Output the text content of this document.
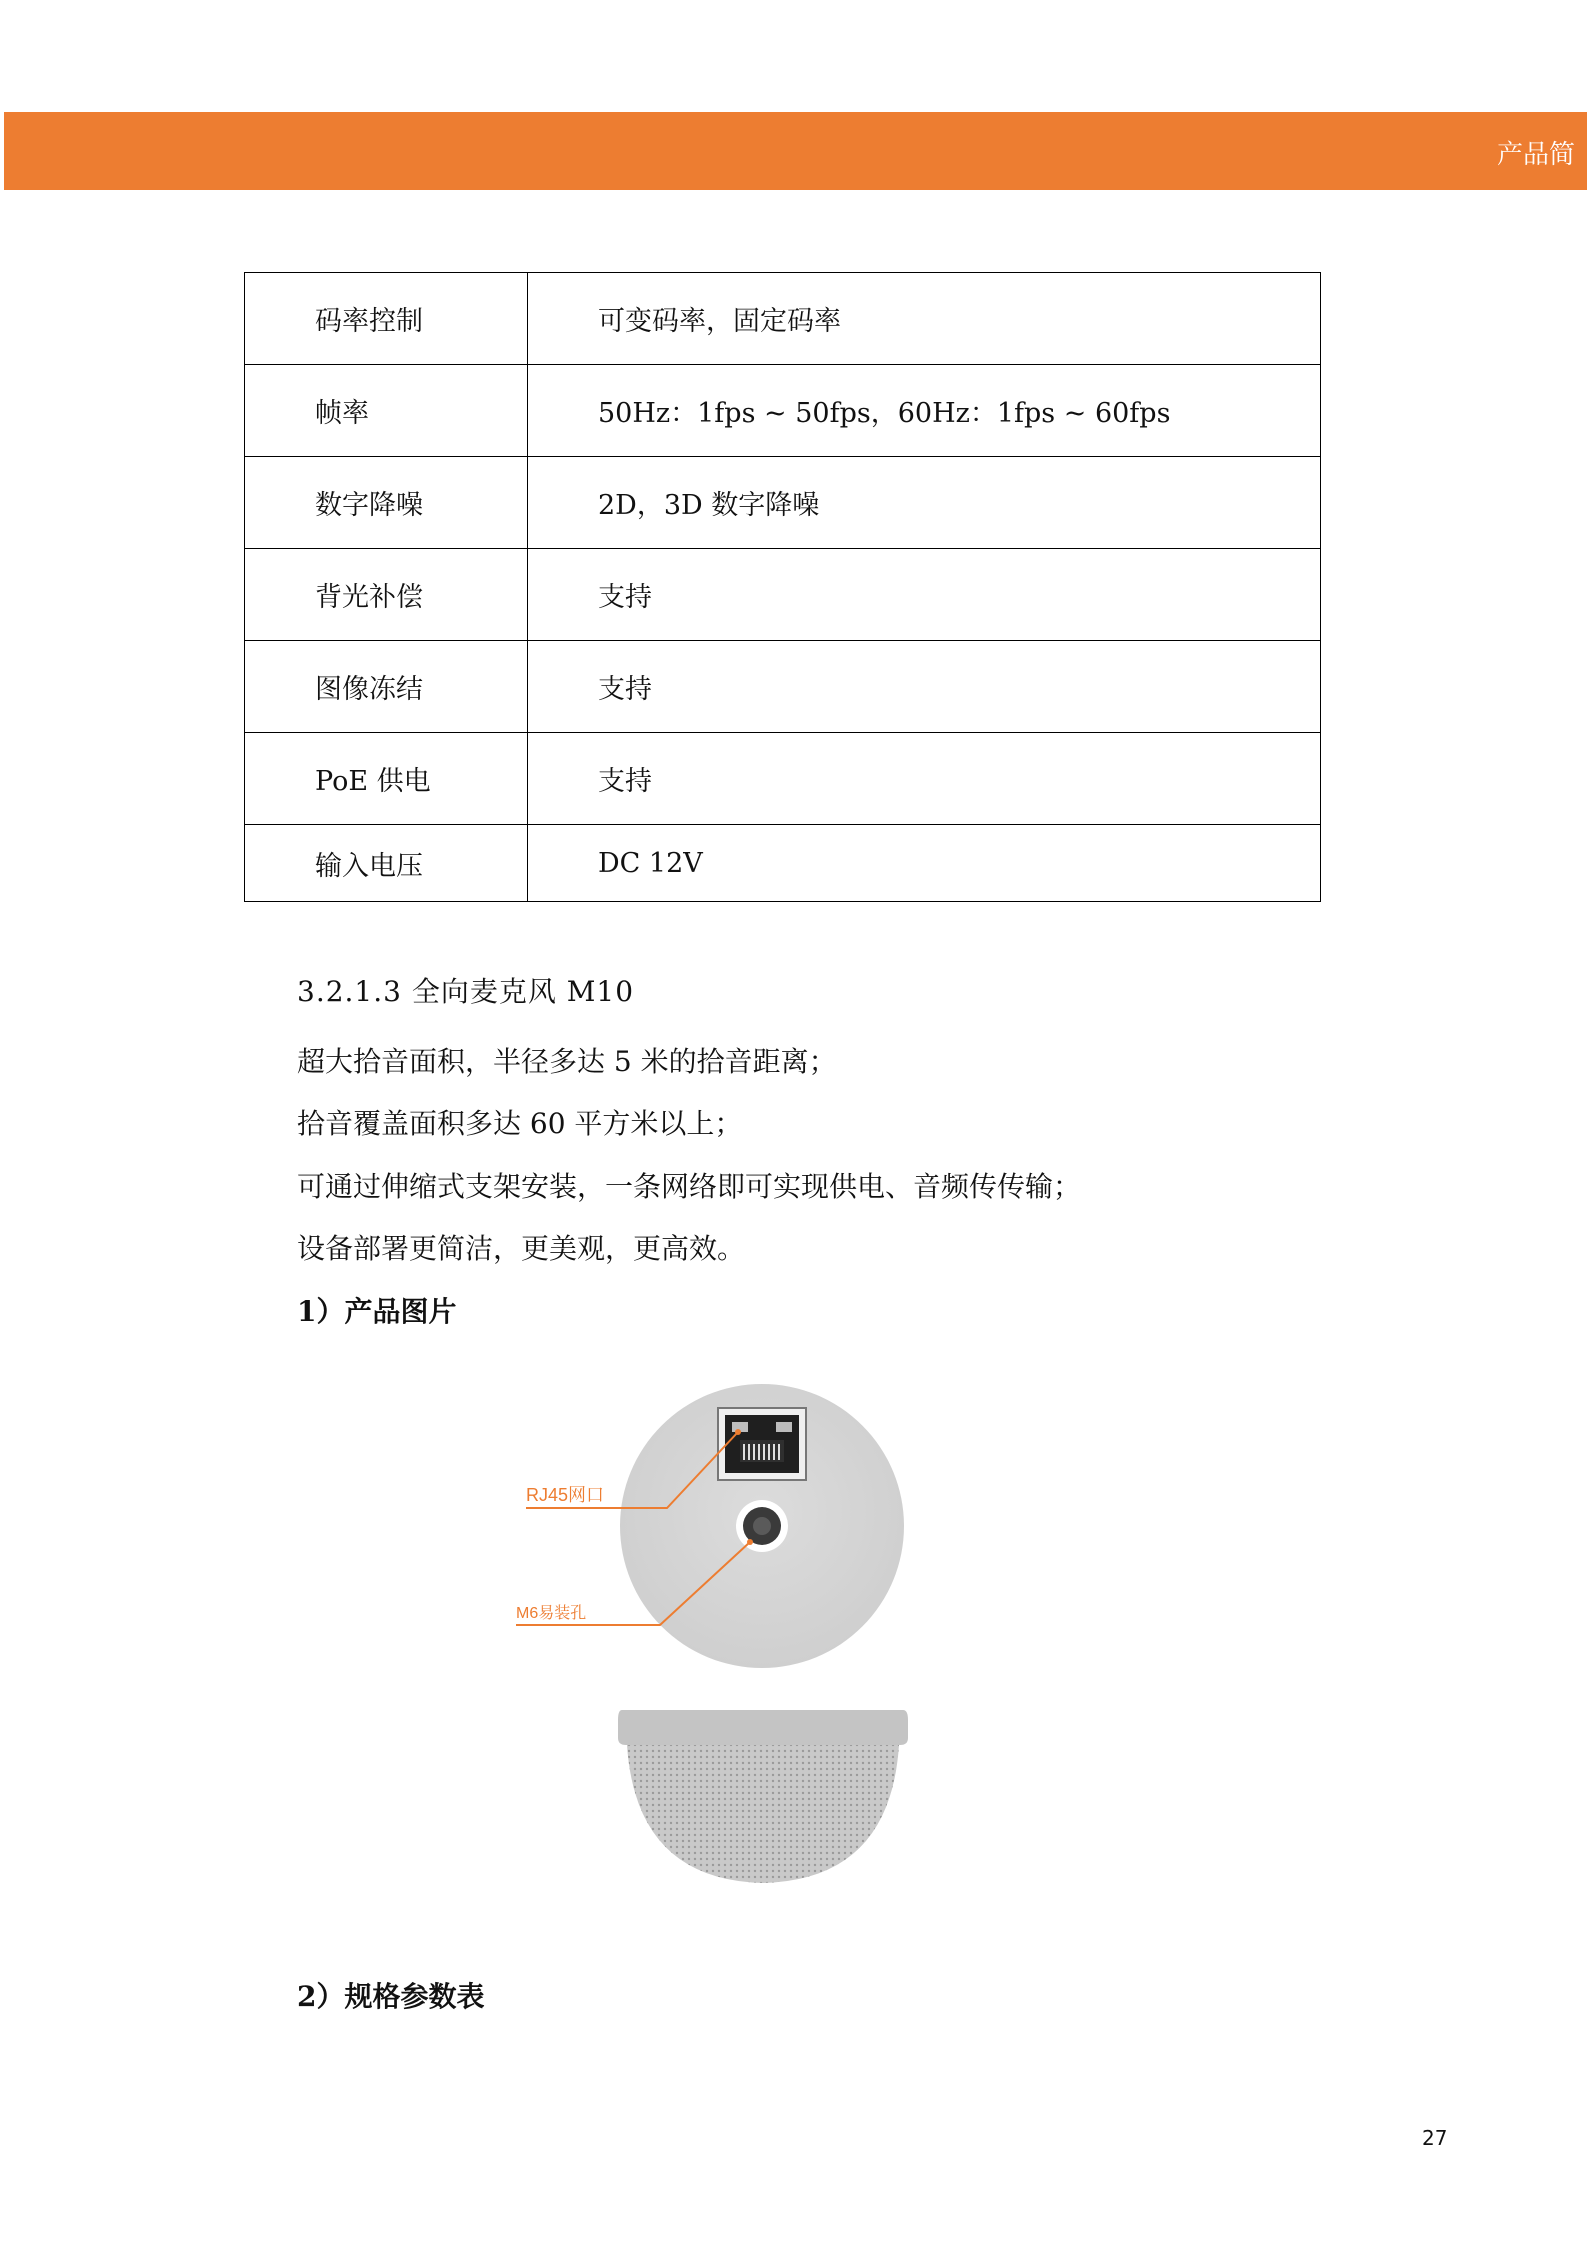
产品简
码率控制	可变码率，固定码率
帧率	50Hz：1fps ~ 50fps，60Hz：1fps ~ 60fps
数字降噪	2D，3D 数字降噪
背光补偿	支持
图像冻结	支持
PoE 供电	支持
输入电压	DC 12V
3.2.1.3 全向麦克风 M10
超大拾音面积，半径多达 5 米的拾音距离；
拾音覆盖面积多达 60 平方米以上；
可通过伸缩式支架安装，一条网络即可实现供电、音频传传输；
设备部署更简洁，更美观，更高效。
1）产品图片
RJ45网口
M6易装孔
2）规格参数表
27
